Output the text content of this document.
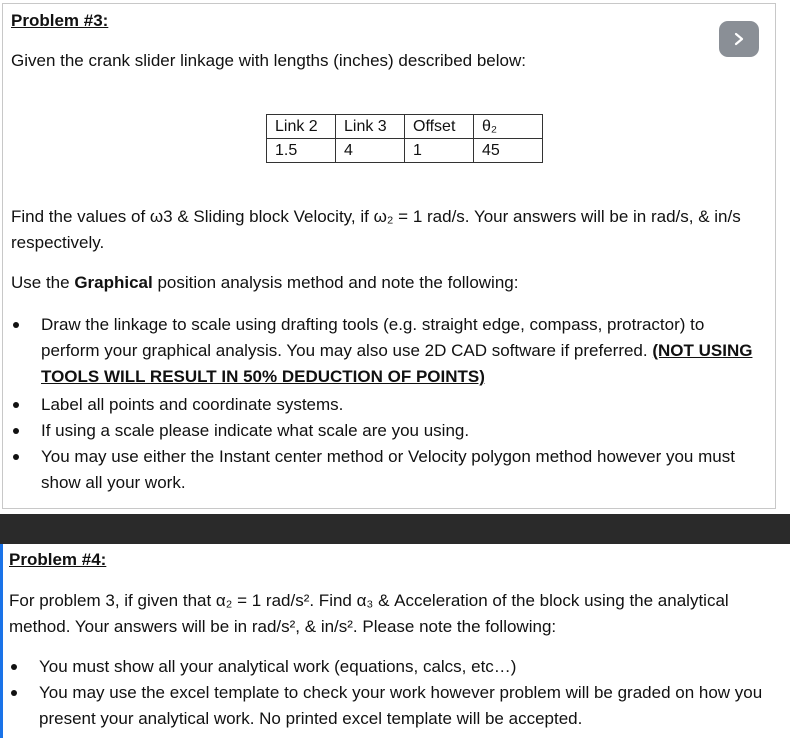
Problem #3:

Given the crank slider linkage with lengths (inches) described below:

Link 2	Link 3	Offset	θ₂
1.5	4	1	45

Find the values of ω3 & Sliding block Velocity, if ω₂ = 1 rad/s. Your answers will be in rad/s, & in/s respectively.

Use the Graphical position analysis method and note the following:

Draw the linkage to scale using drafting tools (e.g. straight edge, compass, protractor) to perform your graphical analysis. You may also use 2D CAD software if preferred. (NOT USING TOOLS WILL RESULT IN 50% DEDUCTION OF POINTS)
Label all points and coordinate systems.
If using a scale please indicate what scale are you using.
You may use either the Instant center method or Velocity polygon method however you must show all your work.
Problem #4:

For problem 3, if given that α₂ = 1 rad/s². Find α₃ & Acceleration of the block using the analytical method. Your answers will be in rad/s², & in/s². Please note the following:

You must show all your analytical work (equations, calcs, etc…)
You may use the excel template to check your work however problem will be graded on how you present your analytical work. No printed excel template will be accepted.
